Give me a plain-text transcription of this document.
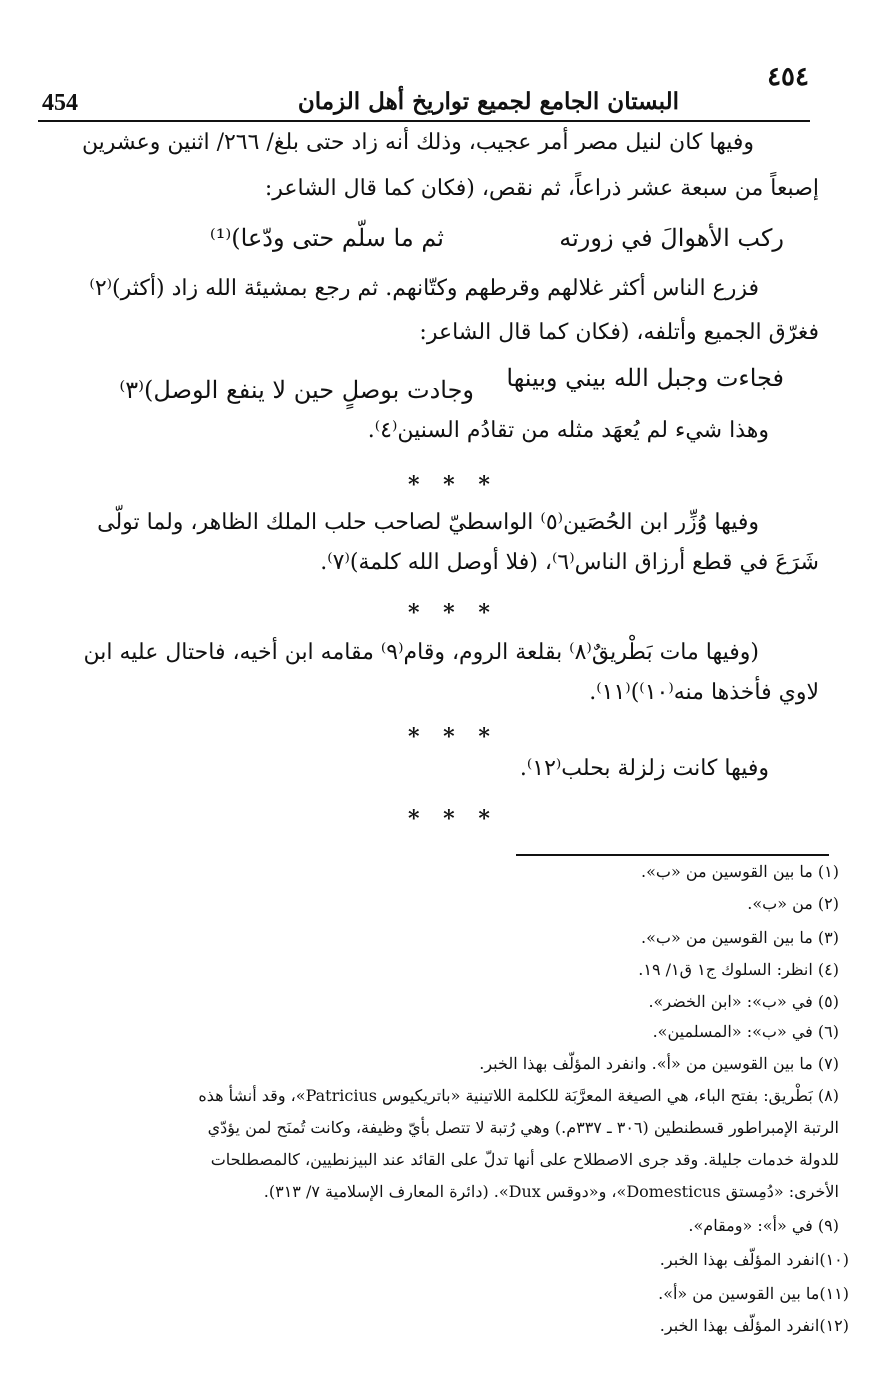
454	البستان الجامع لجميع تواريخ أهل الزمان
٤٥٤
وفيها كان لنيل مصر أمر عجيب، وذلك أنه زاد حتى بلغ/ ٢٦٦/ اثنين وعشرين
إصبعاً من سبعة عشر ذراعاً، ثم نقص، (فكان كما قال الشاعر:
ركب الأهوالَ في زورته
ثم ما سلّم حتى ودّعا)⁽¹⁾
فزرع الناس أكثر غلالهم وقرطهم وكتّانهم. ثم رجع بمشيئة الله زاد (أكثر)⁽٢⁾
فغرّق الجميع وأتلفه، (فكان كما قال الشاعر:
فجاءت وجبل الله بيني وبينها
وجادت بوصلٍ حين لا ينفع الوصل)⁽٣⁾
وهذا شيء لم يُعهَد مثله من تقادُم السنين⁽٤⁾.
* * *
وفيها وُزِّر ابن الحُصَين⁽٥⁾ الواسطيّ لصاحب حلب الملك الظاهر، ولما تولّى
شَرَعَ في قطع أرزاق الناس⁽٦⁾، (فلا أوصل الله كلمة)⁽٧⁾.
* * *
(وفيها مات بَطْريقٌ⁽٨⁾ بقلعة الروم، وقام⁽٩⁾ مقامه ابن أخيه، فاحتال عليه ابن
لاوي فأخذها منه⁽١٠⁾)⁽١١⁾.
* * *
وفيها كانت زلزلة بحلب⁽١٢⁾.
* * *
(١) ما بين القوسين من «ب».
(٢) من «ب».
(٣) ما بين القوسين من «ب».
(٤) انظر: السلوك ج١ ق١/ ١٩.
(٥) في «ب»: «ابن الخضر».
(٦) في «ب»: «المسلمين».
(٧) ما بين القوسين من «أ». وانفرد المؤلّف بهذا الخبر.
(٨) بَطْريق: بفتح الباء، هي الصيغة المعرَّبَة للكلمة اللاتينية «باتريكيوس Patricius»، وقد أنشأ هذه
الرتبة الإمبراطور قسطنطين (٣٠٦ ـ ٣٣٧م.) وهي رُتبة لا تتصل بأيّ وظيفة، وكانت تُمنَح لمن يؤدّي
للدولة خدمات جليلة. وقد جرى الاصطلاح على أنها تدلّ على القائد عند البيزنطيين، كالمصطلحات
الأخرى: «دُمِستق Domesticus»، و«دوقس Dux». (دائرة المعارف الإسلامية ٧/ ٣١٣).
(٩) في «أ»: «ومقام».
(١٠)انفرد المؤلّف بهذا الخبر.
(١١)ما بين القوسين من «أ».
(١٢)انفرد المؤلّف بهذا الخبر.
